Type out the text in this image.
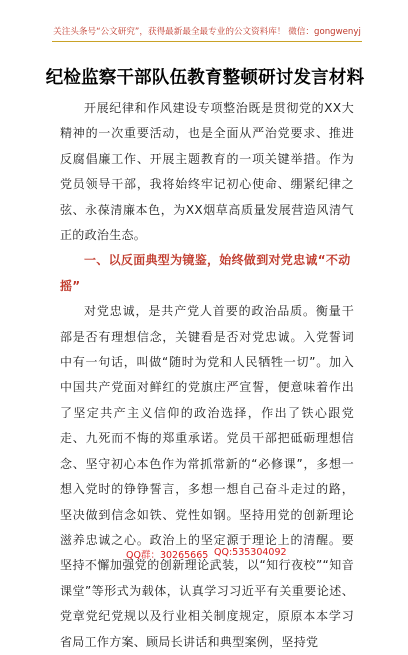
关注头条号“公文研究”，获得最新最全最专业的公文资料库！ 微信：gongwenyj
纪检监察干部队伍教育整顿研讨发言材料

开展纪律和作风建设专项整治既是贯彻党的XX大精神的一次重要活动，也是全面从严治党要求、推进反腐倡廉工作、开展主题教育的一项关键举措。作为党员领导干部，我将始终牢记初心使命、绷紧纪律之弦、永葆清廉本色，为XX烟草高质量发展营造风清气正的政治生态。

一、以反面典型为镜鉴，始终做到对党忠诚“不动摇”

对党忠诚，是共产党人首要的政治品质。衡量干部是否有理想信念，关键看是否对党忠诚。入党誓词中有一句话，叫做“随时为党和人民牺牲一切”。加入中国共产党面对鲜红的党旗庄严宣誓，便意味着作出了坚定共产主义信仰的政治选择，作出了铁心跟党走、九死而不悔的郑重承诺。党员干部把砥砺理想信念、坚守初心本色作为常抓常新的“必修课”，多想一想入党时的铮铮誓言，多想一想自己奋斗走过的路，坚决做到信念如铁、党性如钢。坚持用党的创新理论滋养忠诚之心。政治上的坚定源于理论上的清醒。要坚持不懈加强党的创新理论武装，以“知行夜校”“知音课堂”等形式为载体，认真学习习近平有关重要论述、党章党纪党规以及行业相关制度规定，原原本本学习省局工作方案、顾局长讲话和典型案例，坚持党

QQ群：30265665 QQ:535304092
